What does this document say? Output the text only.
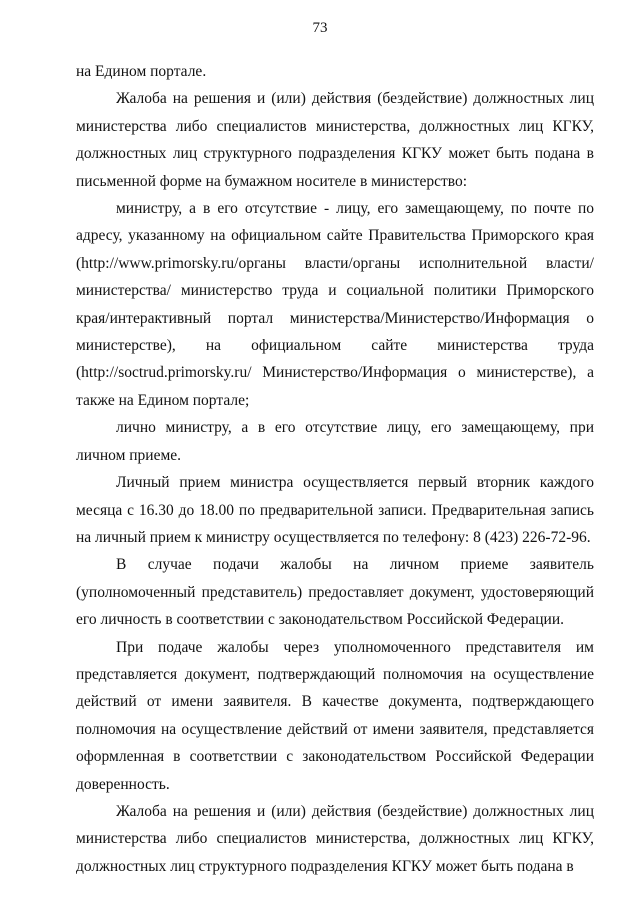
73

на Едином портале.

Жалоба на решения и (или) действия (бездействие) должностных лиц министерства либо специалистов министерства, должностных лиц КГКУ, должностных лиц структурного подразделения КГКУ может быть подана в письменной форме на бумажном носителе в министерство:

министру, а в его отсутствие - лицу, его замещающему, по почте по адресу, указанному на официальном сайте Правительства Приморского края (http://www.primorsky.ru/органы власти/органы исполнительной власти/ министерства/ министерство труда и социальной политики Приморского края/интерактивный портал министерства/Министерство/Информация о министерстве), на официальном сайте министерства труда (http://soctrud.primorsky.ru/ Министерство/Информация о министерстве), а также на Едином портале;

лично министру, а в его отсутствие лицу, его замещающему, при личном приеме.

Личный прием министра осуществляется первый вторник каждого месяца с 16.30 до 18.00 по предварительной записи. Предварительная запись на личный прием к министру осуществляется по телефону: 8 (423) 226-72-96.

В случае подачи жалобы на личном приеме заявитель (уполномоченный представитель) предоставляет документ, удостоверяющий его личность в соответствии с законодательством Российской Федерации.

При подаче жалобы через уполномоченного представителя им представляется документ, подтверждающий полномочия на осуществление действий от имени заявителя. В качестве документа, подтверждающего полномочия на осуществление действий от имени заявителя, представляется оформленная в соответствии с законодательством Российской Федерации доверенность.

Жалоба на решения и (или) действия (бездействие) должностных лиц министерства либо специалистов министерства, должностных лиц КГКУ, должностных лиц структурного подразделения КГКУ может быть подана в
